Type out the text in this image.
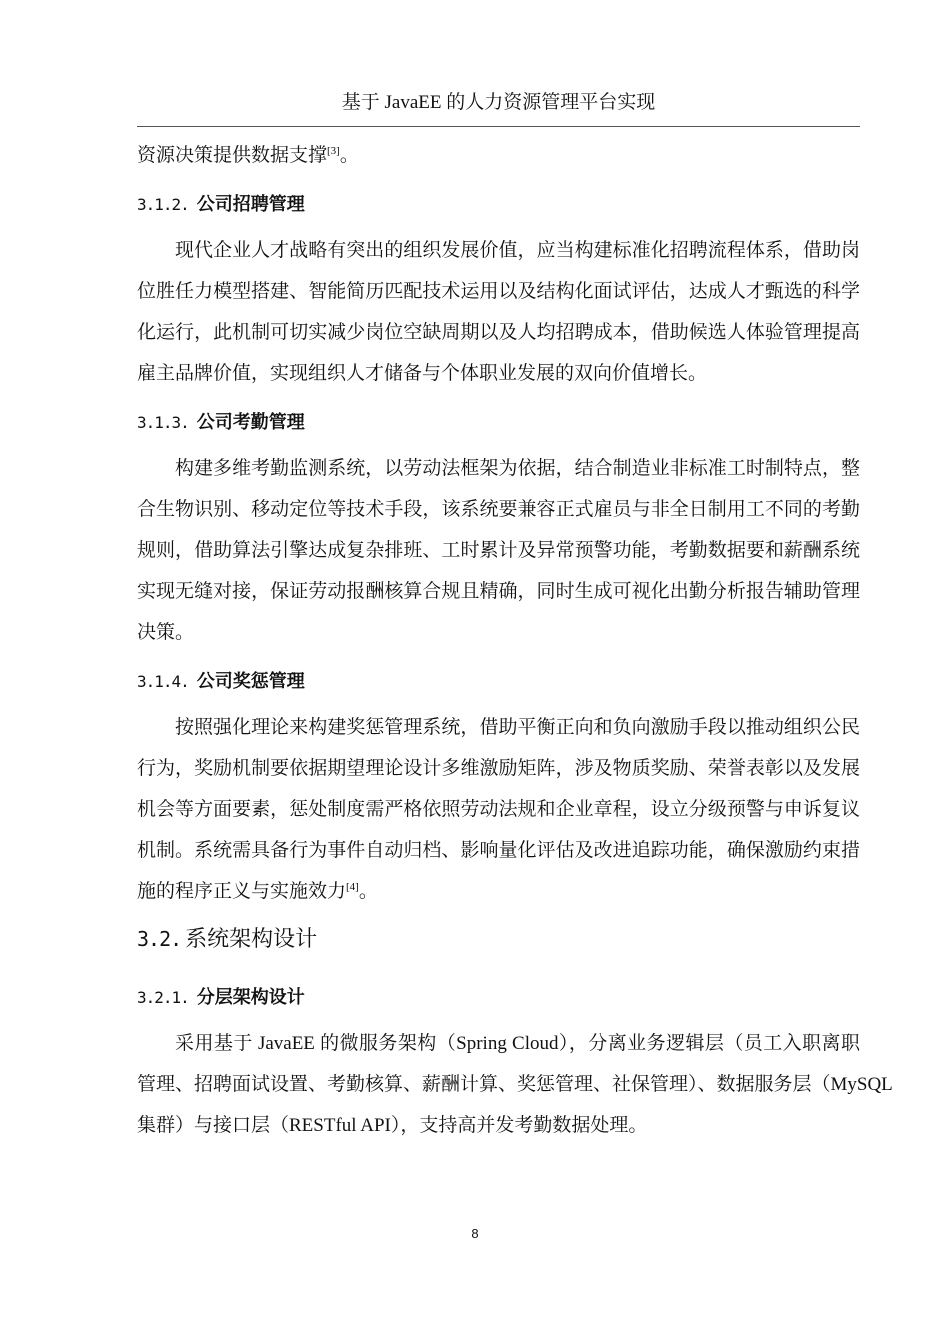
基于 JavaEE 的人力资源管理平台实现
资源决策提供数据支撑[3]。
3.1.2. 公司招聘管理
现代企业人才战略有突出的组织发展价值，应当构建标准化招聘流程体系，借助岗
位胜任力模型搭建、智能简历匹配技术运用以及结构化面试评估，达成人才甄选的科学
化运行，此机制可切实减少岗位空缺周期以及人均招聘成本，借助候选人体验管理提高
雇主品牌价值，实现组织人才储备与个体职业发展的双向价值增长。
3.1.3. 公司考勤管理
构建多维考勤监测系统，以劳动法框架为依据，结合制造业非标准工时制特点，整
合生物识别、移动定位等技术手段，该系统要兼容正式雇员与非全日制用工不同的考勤
规则，借助算法引擎达成复杂排班、工时累计及异常预警功能，考勤数据要和薪酬系统
实现无缝对接，保证劳动报酬核算合规且精确，同时生成可视化出勤分析报告辅助管理
决策。
3.1.4. 公司奖惩管理
按照强化理论来构建奖惩管理系统，借助平衡正向和负向激励手段以推动组织公民
行为，奖励机制要依据期望理论设计多维激励矩阵，涉及物质奖励、荣誉表彰以及发展
机会等方面要素，惩处制度需严格依照劳动法规和企业章程，设立分级预警与申诉复议
机制。系统需具备行为事件自动归档、影响量化评估及改进追踪功能，确保激励约束措
施的程序正义与实施效力[4]。
3.2. 系统架构设计
3.2.1. 分层架构设计
采用基于 JavaEE 的微服务架构（Spring Cloud），分离业务逻辑层（员工入职离职
管理、招聘面试设置、考勤核算、薪酬计算、奖惩管理、社保管理）、数据服务层（MySQL
集群）与接口层（RESTful API），支持高并发考勤数据处理。
8
